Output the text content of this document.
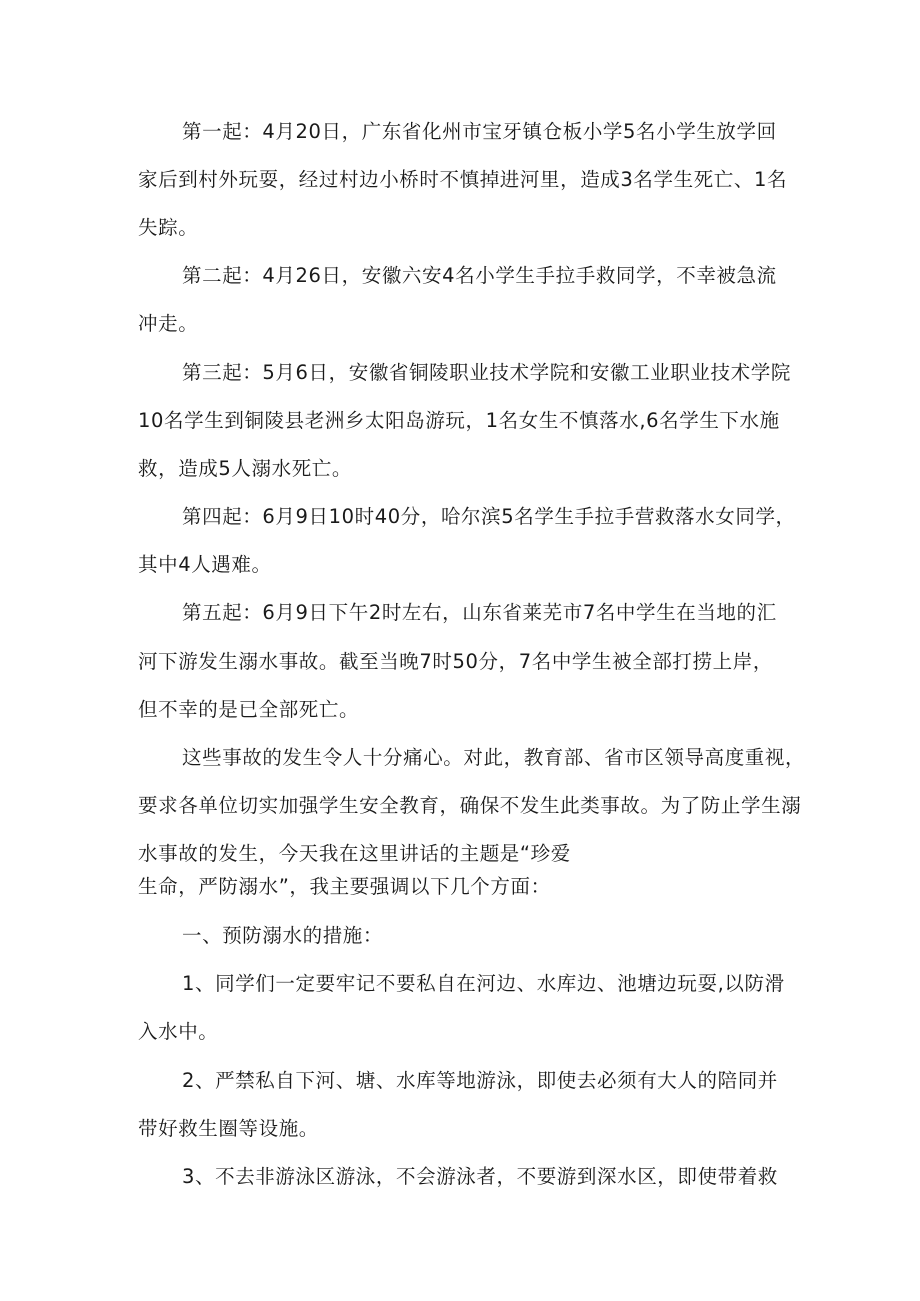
第一起：4月20日，广东省化州市宝牙镇仓板小学5名小学生放学回
家后到村外玩耍，经过村边小桥时不慎掉进河里，造成3名学生死亡、1名
失踪。
第二起：4月26日，安徽六安4名小学生手拉手救同学，不幸被急流
冲走。
第三起：5月6日，安徽省铜陵职业技术学院和安徽工业职业技术学院
10名学生到铜陵县老洲乡太阳岛游玩，1名女生不慎落水,6名学生下水施
救，造成5人溺水死亡。
第四起：6月9日10时40分，哈尔滨5名学生手拉手营救落水女同学，
其中4人遇难。
第五起：6月9日下午2时左右，山东省莱芜市7名中学生在当地的汇
河下游发生溺水事故。截至当晚7时50分，7名中学生被全部打捞上岸，
但不幸的是已全部死亡。
这些事故的发生令人十分痛心。对此，教育部、省市区领导高度重视，
要求各单位切实加强学生安全教育，确保不发生此类事故。为了防止学生溺
水事故的发生，今天我在这里讲话的主题是“珍爱
生命，严防溺水”，我主要强调以下几个方面：
一、预防溺水的措施：
1、同学们一定要牢记不要私自在河边、水库边、池塘边玩耍,以防滑
入水中。
2、严禁私自下河、塘、水库等地游泳，即使去必须有大人的陪同并
带好救生圈等设施。
3、不去非游泳区游泳，不会游泳者，不要游到深水区，即使带着救
